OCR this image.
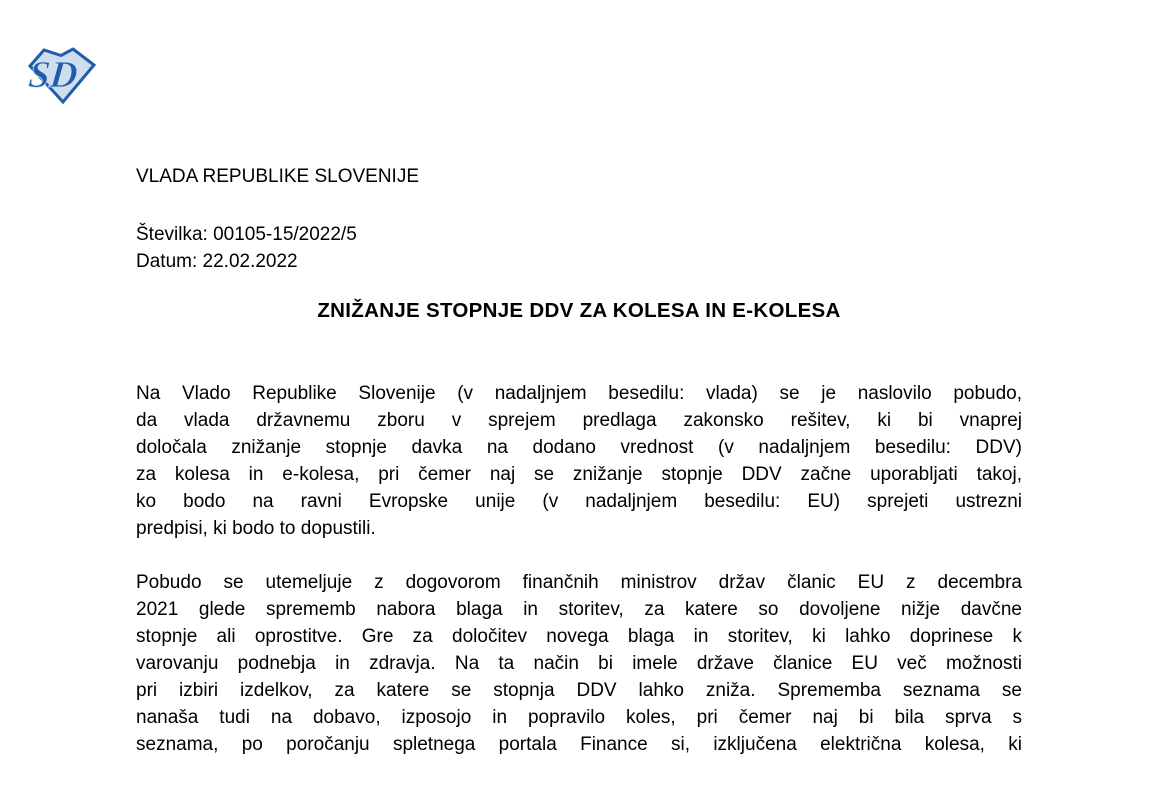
SD
VLADA REPUBLIKE SLOVENIJE
Številka: 00105-15/2022/5
Datum: 22.02.2022
ZNIŽANJE STOPNJE DDV ZA KOLESA IN E-KOLESA
Na Vlado Republike Slovenije (v nadaljnjem besedilu: vlada) se je naslovilo pobudo,
da vlada državnemu zboru v sprejem predlaga zakonsko rešitev, ki bi vnaprej
določala znižanje stopnje davka na dodano vrednost (v nadaljnjem besedilu: DDV)
za kolesa in e-kolesa, pri čemer naj se znižanje stopnje DDV začne uporabljati takoj,
ko bodo na ravni Evropske unije (v nadaljnjem besedilu: EU) sprejeti ustrezni
predpisi, ki bodo to dopustili.
Pobudo se utemeljuje z dogovorom finančnih ministrov držav članic EU z decembra
2021 glede sprememb nabora blaga in storitev, za katere so dovoljene nižje davčne
stopnje ali oprostitve. Gre za določitev novega blaga in storitev, ki lahko doprinese k
varovanju podnebja in zdravja. Na ta način bi imele države članice EU več možnosti
pri izbiri izdelkov, za katere se stopnja DDV lahko zniža. Sprememba seznama se
nanaša tudi na dobavo, izposojo in popravilo koles, pri čemer naj bi bila sprva s
seznama, po poročanju spletnega portala Finance si, izključena električna kolesa, ki
